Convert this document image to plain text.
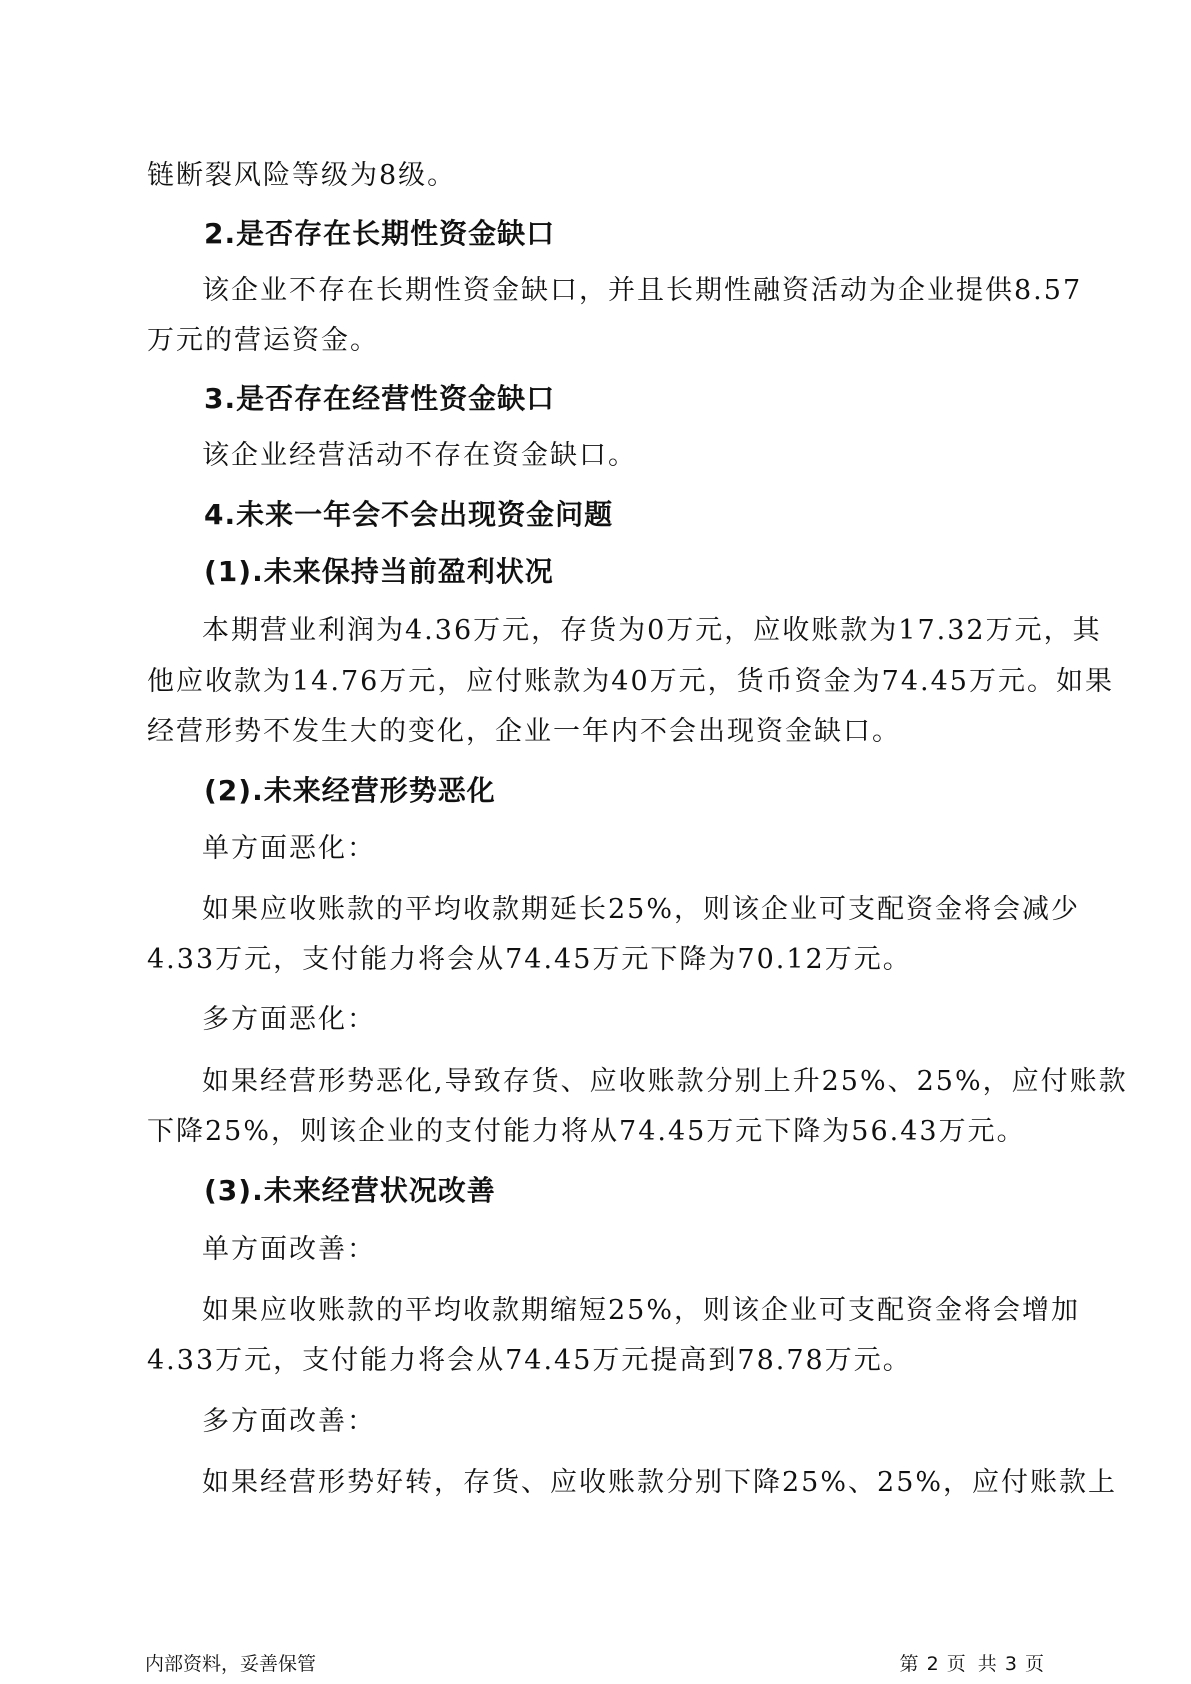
链断裂风险等级为8级。
2.是否存在长期性资金缺口
该企业不存在长期性资金缺口，并且长期性融资活动为企业提供8.57
万元的营运资金。
3.是否存在经营性资金缺口
该企业经营活动不存在资金缺口。
4.未来一年会不会出现资金问题
(1).未来保持当前盈利状况
本期营业利润为4.36万元，存货为0万元，应收账款为17.32万元，其
他应收款为14.76万元，应付账款为40万元，货币资金为74.45万元。如果
经营形势不发生大的变化，企业一年内不会出现资金缺口。
(2).未来经营形势恶化
单方面恶化：
如果应收账款的平均收款期延长25%，则该企业可支配资金将会减少
4.33万元，支付能力将会从74.45万元下降为70.12万元。
多方面恶化：
如果经营形势恶化,导致存货、应收账款分别上升25%、25%，应付账款
下降25%，则该企业的支付能力将从74.45万元下降为56.43万元。
(3).未来经营状况改善
单方面改善：
如果应收账款的平均收款期缩短25%，则该企业可支配资金将会增加
4.33万元，支付能力将会从74.45万元提高到78.78万元。
多方面改善：
如果经营形势好转，存货、应收账款分别下降25%、25%，应付账款上
内部资料，妥善保管	第 2 页  共 3 页
